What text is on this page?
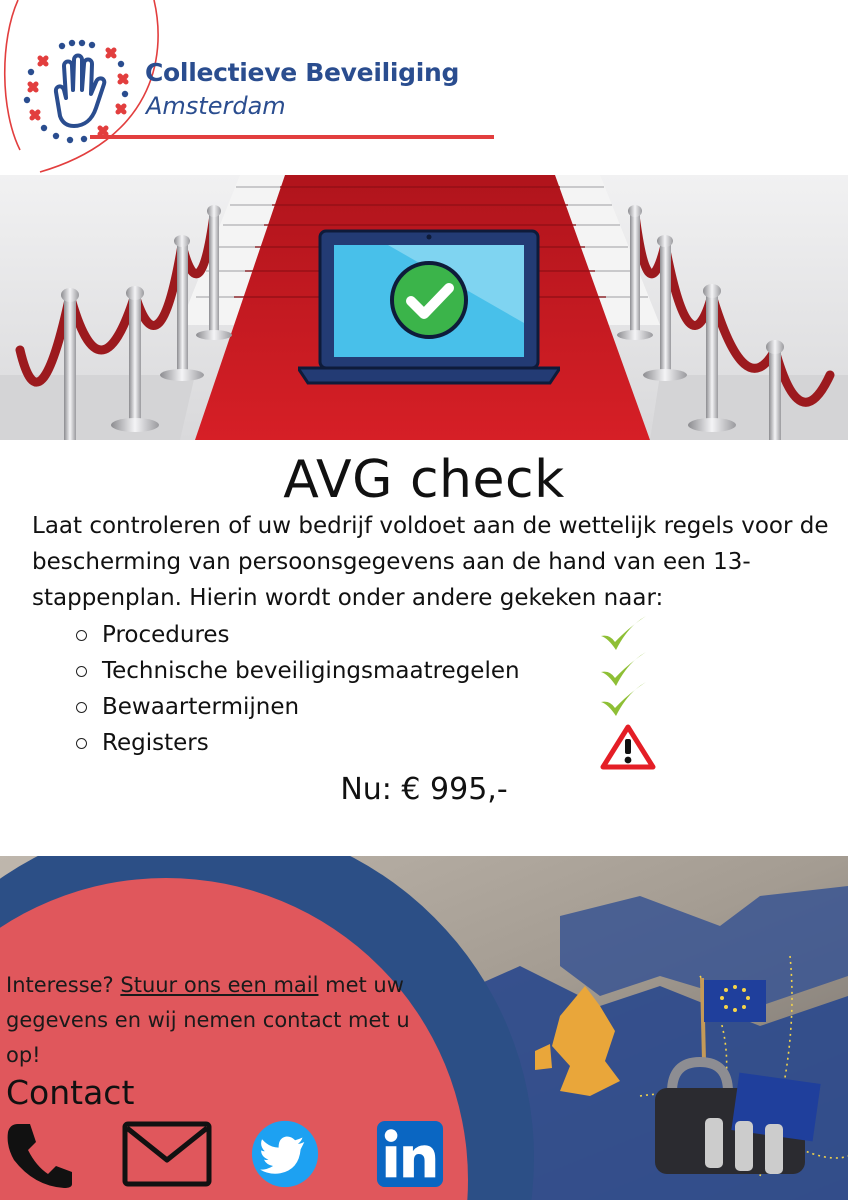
Collectieve Beveiliging
Amsterdam
AVG check

Laat controleren of uw bedrijf voldoet aan de wettelijk regels voor de bescherming van persoonsgegevens aan de hand van een 13-stappenplan. Hierin wordt onder andere gekeken naar:

Procedures
Technische beveiligingsmaatregelen
Bewaartermijnen
Registers
Nu: € 995,-

Interesse? Stuur ons een mail met uw gegevens en wij nemen contact met u op!

Contact
